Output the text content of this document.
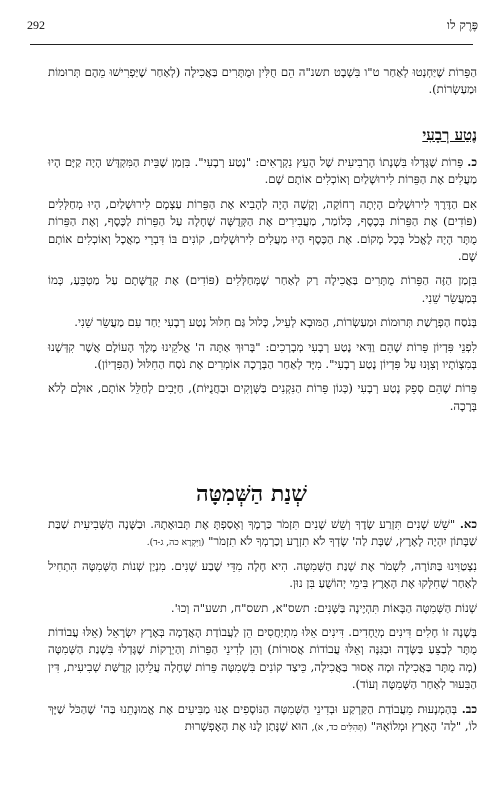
292	פֶּרֶק לו

הַפֵּרוֹת שֶׁיַּחְנְטוּ לְאַחַר ט"ו בִּשְׁבָט תשנ"ה הֵם חֻלִּין וּמֻתָּרִים בַּאֲכִילָה (לְאַחַר שֶׁיַּפְרִישׁוּ מֵהֶם תְּרוּמוֹת וּמַעַשְׂרוֹת).

נֶטַע רְבָעִי

כ. פֵּרוֹת שֶׁגָּדְלוּ בִּשְׁנָתוֹ הָרְבִיעִית שֶׁל הָעֵץ נִקְרָאִים: "נֶטַע רְבָעִי". בִּזְמַן שֶׁבֵּית הַמִּקְדָּשׁ הָיָה קַיָּם הָיוּ מַעֲלִים אֶת הַפֵּרוֹת לִירוּשָׁלַיִם וְאוֹכְלִים אוֹתָם שָׁם.

אִם הַדֶּרֶךְ לִירוּשָׁלַיִם הָיְתָה רְחוֹקָה, וְקָשֶׁה הָיָה לְהָבִיא אֶת הַפֵּרוֹת עַצְמָם לִירוּשָׁלַיִם, הָיוּ מְחַלְּלִים (פּוֹדִים) אֶת הַפֵּרוֹת בְּכֶסֶף, כְּלוֹמַר, מַעֲבִירִים אֶת הַקְּדֻשָּׁה שֶׁחָלָה עַל הַפֵּרוֹת לַכֶּסֶף, וְאֶת הַפֵּרוֹת מֻתָּר הָיָה לֶאֱכֹל בְּכָל מָקוֹם. אֶת הַכֶּסֶף הָיוּ מַעֲלִים לִירוּשָׁלַיִם, קוֹנִים בּוֹ דִּבְרֵי מַאֲכָל וְאוֹכְלִים אוֹתָם שָׁם.

בִּזְמַן הַזֶּה הַפֵּרוֹת מֻתָּרִים בַּאֲכִילָה רַק לְאַחַר שֶׁמְּחַלְּלִים (פּוֹדִים) אֶת קְדֻשָּׁתָם עַל מַטְבֵּעַ, כְּמוֹ בְּמַעֲשֵׂר שֵׁנִי.

בְּנֹסַח הַפְרָשַׁת תְּרוּמוֹת וּמַעַשְׂרוֹת, הַמּוּבָא לְעֵיל, כָּלוּל גַּם חִלּוּל נֶטַע רְבָעִי יַחַד עִם מַעֲשֵׂר שֵׁנִי.

לִפְנֵי פִּדְיוֹן פֵּרוֹת שֶׁהֵם וַדַּאי נֶטַע רְבָעִי מְבָרְכִים: "בָּרוּךְ אַתָּה ה' אֱלֹקֵינוּ מֶלֶךְ הָעוֹלָם אֲשֶׁר קִדְּשָׁנוּ בְּמִצְוֹתָיו וְצִוָּנוּ עַל פִּדְיוֹן נֶטַע רְבָעִי". מִיָּד לְאַחַר הַבְּרָכָה אוֹמְרִים אֶת נֹסַח הַחִלּוּל (הַפִּדְיוֹן).

פֵּרוֹת שֶׁהֵם סְפֵק נֶטַע רְבָעִי (כְּגוֹן פֵּרוֹת הַנִּקְנִים בַּשְּׁוָקִים וּבַחֲנֻיּוֹת), חַיָּבִים לְחַלֵּל אוֹתָם, אוּלָם לְלֹא בְּרָכָה.

שְׁנַת הַשְּׁמִטָּה

כא. "שֵׁשׁ שָׁנִים תִּזְרַע שָׂדֶךָ וְשֵׁשׁ שָׁנִים תִּזְמֹר כַּרְמֶךָ וְאָסַפְתָּ אֶת תְּבוּאָתָהּ. וּבַשָּׁנָה הַשְּׁבִיעִית שַׁבַּת שַׁבָּתוֹן יִהְיֶה לָאָרֶץ, שַׁבָּת לַה' שָׂדְךָ לֹא תִזְרָע וְכַרְמְךָ לֹא תִזְמֹר" (וַיִּקְרָא כה, ג-ד).

נִצְטַוִּינוּ בַּתּוֹרָה, לִשְׁמֹר אֶת שְׁנַת הַשְּׁמִטָּה. הִיא חָלָה מִדֵּי שֶׁבַע שָׁנִים. מִנְיַן שְׁנוֹת הַשְּׁמִטָּה הִתְחִיל לְאַחַר שֶׁחִלְּקוּ אֶת הָאָרֶץ בִּימֵי יְהוֹשֻׁעַ בִּן נוּן.

שְׁנוֹת הַשְּׁמִטָּה הַבָּאוֹת תִּהְיֶינָה בַּשָּׁנִים: תשס"א, תשס"ח, תשע"ה וְכוּ'.

בְּשָׁנָה זוֹ חָלִים דִּינִים מְיֻחָדִים. דִּינִים אֵלּוּ מִתְיַחֲסִים הֵן לַעֲבוֹדַת הָאֲדָמָה בְּאֶרֶץ יִשְׂרָאֵל (אֵלּוּ עֲבוֹדוֹת מֻתָּר לְבַצֵּעַ בַּשָּׂדֶה וּבַגִּנָּה וְאֵלּוּ עֲבוֹדוֹת אֲסוּרוֹת) וְהֵן לְדִינֵי הַפֵּרוֹת וְהַיְרָקוֹת שֶׁגָּדְלוּ בִּשְׁנַת הַשְּׁמִטָּה (מָה מֻתָּר בַּאֲכִילָה וּמָה אָסוּר בַּאֲכִילָה, כֵּיצַד קוֹנִים בִּשְׁמִטָּה פֵּרוֹת שֶׁחָלָה עֲלֵיהֶן קְדֻשַּׁת שְׁבִיעִית, דִּין הַבִּעוּר לְאַחַר הַשְּׁמִטָּה וְעוֹד).

כב. בְּהַמְנָעוּת מֵעֲבוֹדַת הַקַּרְקַע וּבְדִינֵי הַשְּׁמִטָּה הַנּוֹסָפִים אָנוּ מַבִּיעִים אֶת אֱמוּנָתֵנוּ בַּה' שֶׁהַכֹּל שַׁיָּךְ לוֹ, "לַה' הָאָרֶץ וּמְלוֹאָהּ" (תְּהִלִּים כד, א), הוּא שֶׁנָּתַן לָנוּ אֶת הָאֶפְשָׁרוּת
